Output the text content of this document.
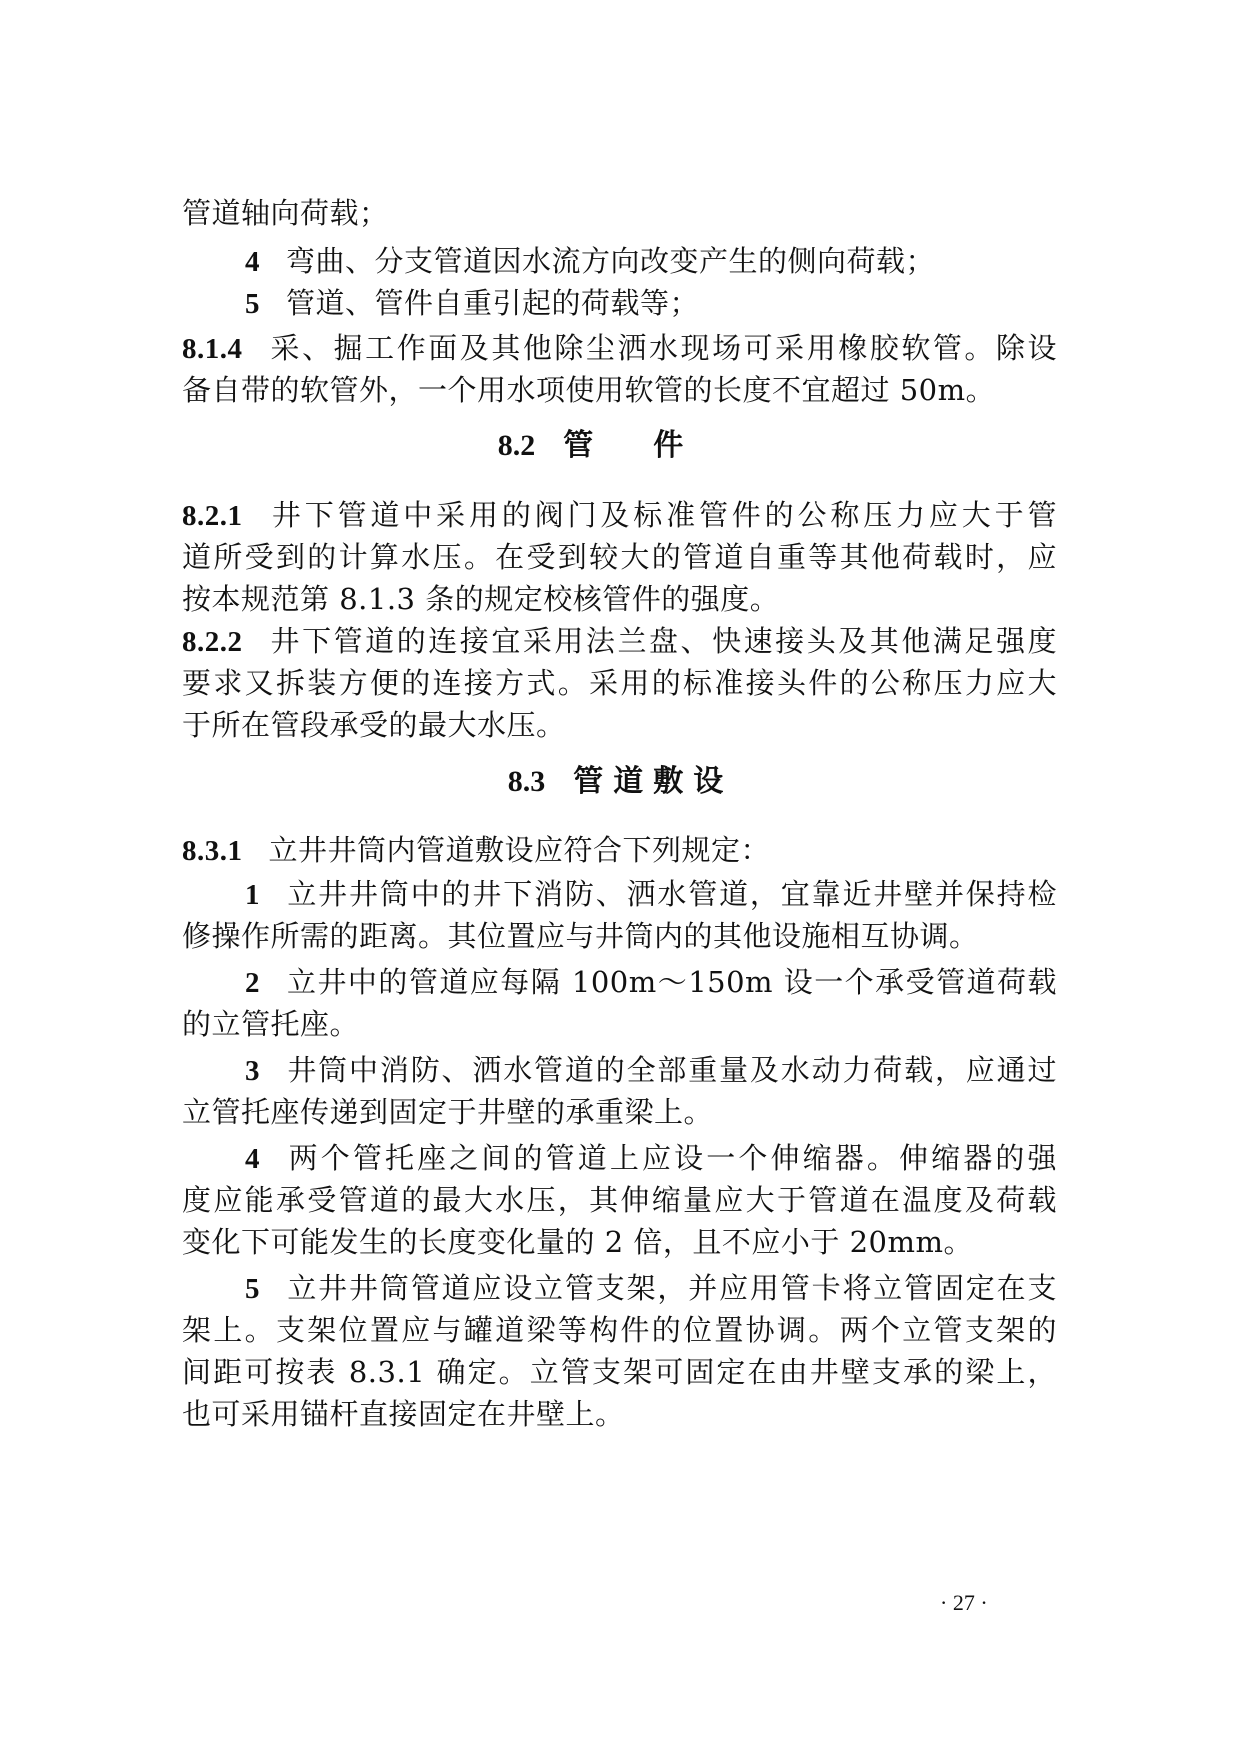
管道轴向荷载；
4 弯曲、分支管道因水流方向改变产生的侧向荷载；
5 管道、管件自重引起的荷载等；
8.1.4 采、掘工作面及其他除尘洒水现场可采用橡胶软管。除设
备自带的软管外，一个用水项使用软管的长度不宜超过 50m。
8.2 管件
8.2.1 井下管道中采用的阀门及标准管件的公称压力应大于管
道所受到的计算水压。在受到较大的管道自重等其他荷载时，应
按本规范第 8.1.3 条的规定校核管件的强度。
8.2.2 井下管道的连接宜采用法兰盘、快速接头及其他满足强度
要求又拆装方便的连接方式。采用的标准接头件的公称压力应大
于所在管段承受的最大水压。
8.3 管道敷设
8.3.1 立井井筒内管道敷设应符合下列规定：
1 立井井筒中的井下消防、洒水管道，宜靠近井壁并保持检
修操作所需的距离。其位置应与井筒内的其他设施相互协调。
2 立井中的管道应每隔 100m～150m 设一个承受管道荷载
的立管托座。
3 井筒中消防、洒水管道的全部重量及水动力荷载，应通过
立管托座传递到固定于井壁的承重梁上。
4 两个管托座之间的管道上应设一个伸缩器。伸缩器的强
度应能承受管道的最大水压，其伸缩量应大于管道在温度及荷载
变化下可能发生的长度变化量的 2 倍，且不应小于 20mm。
5 立井井筒管道应设立管支架，并应用管卡将立管固定在支
架上。支架位置应与罐道梁等构件的位置协调。两个立管支架的
间距可按表 8.3.1 确定。立管支架可固定在由井壁支承的梁上，
也可采用锚杆直接固定在井壁上。
· 27 ·
